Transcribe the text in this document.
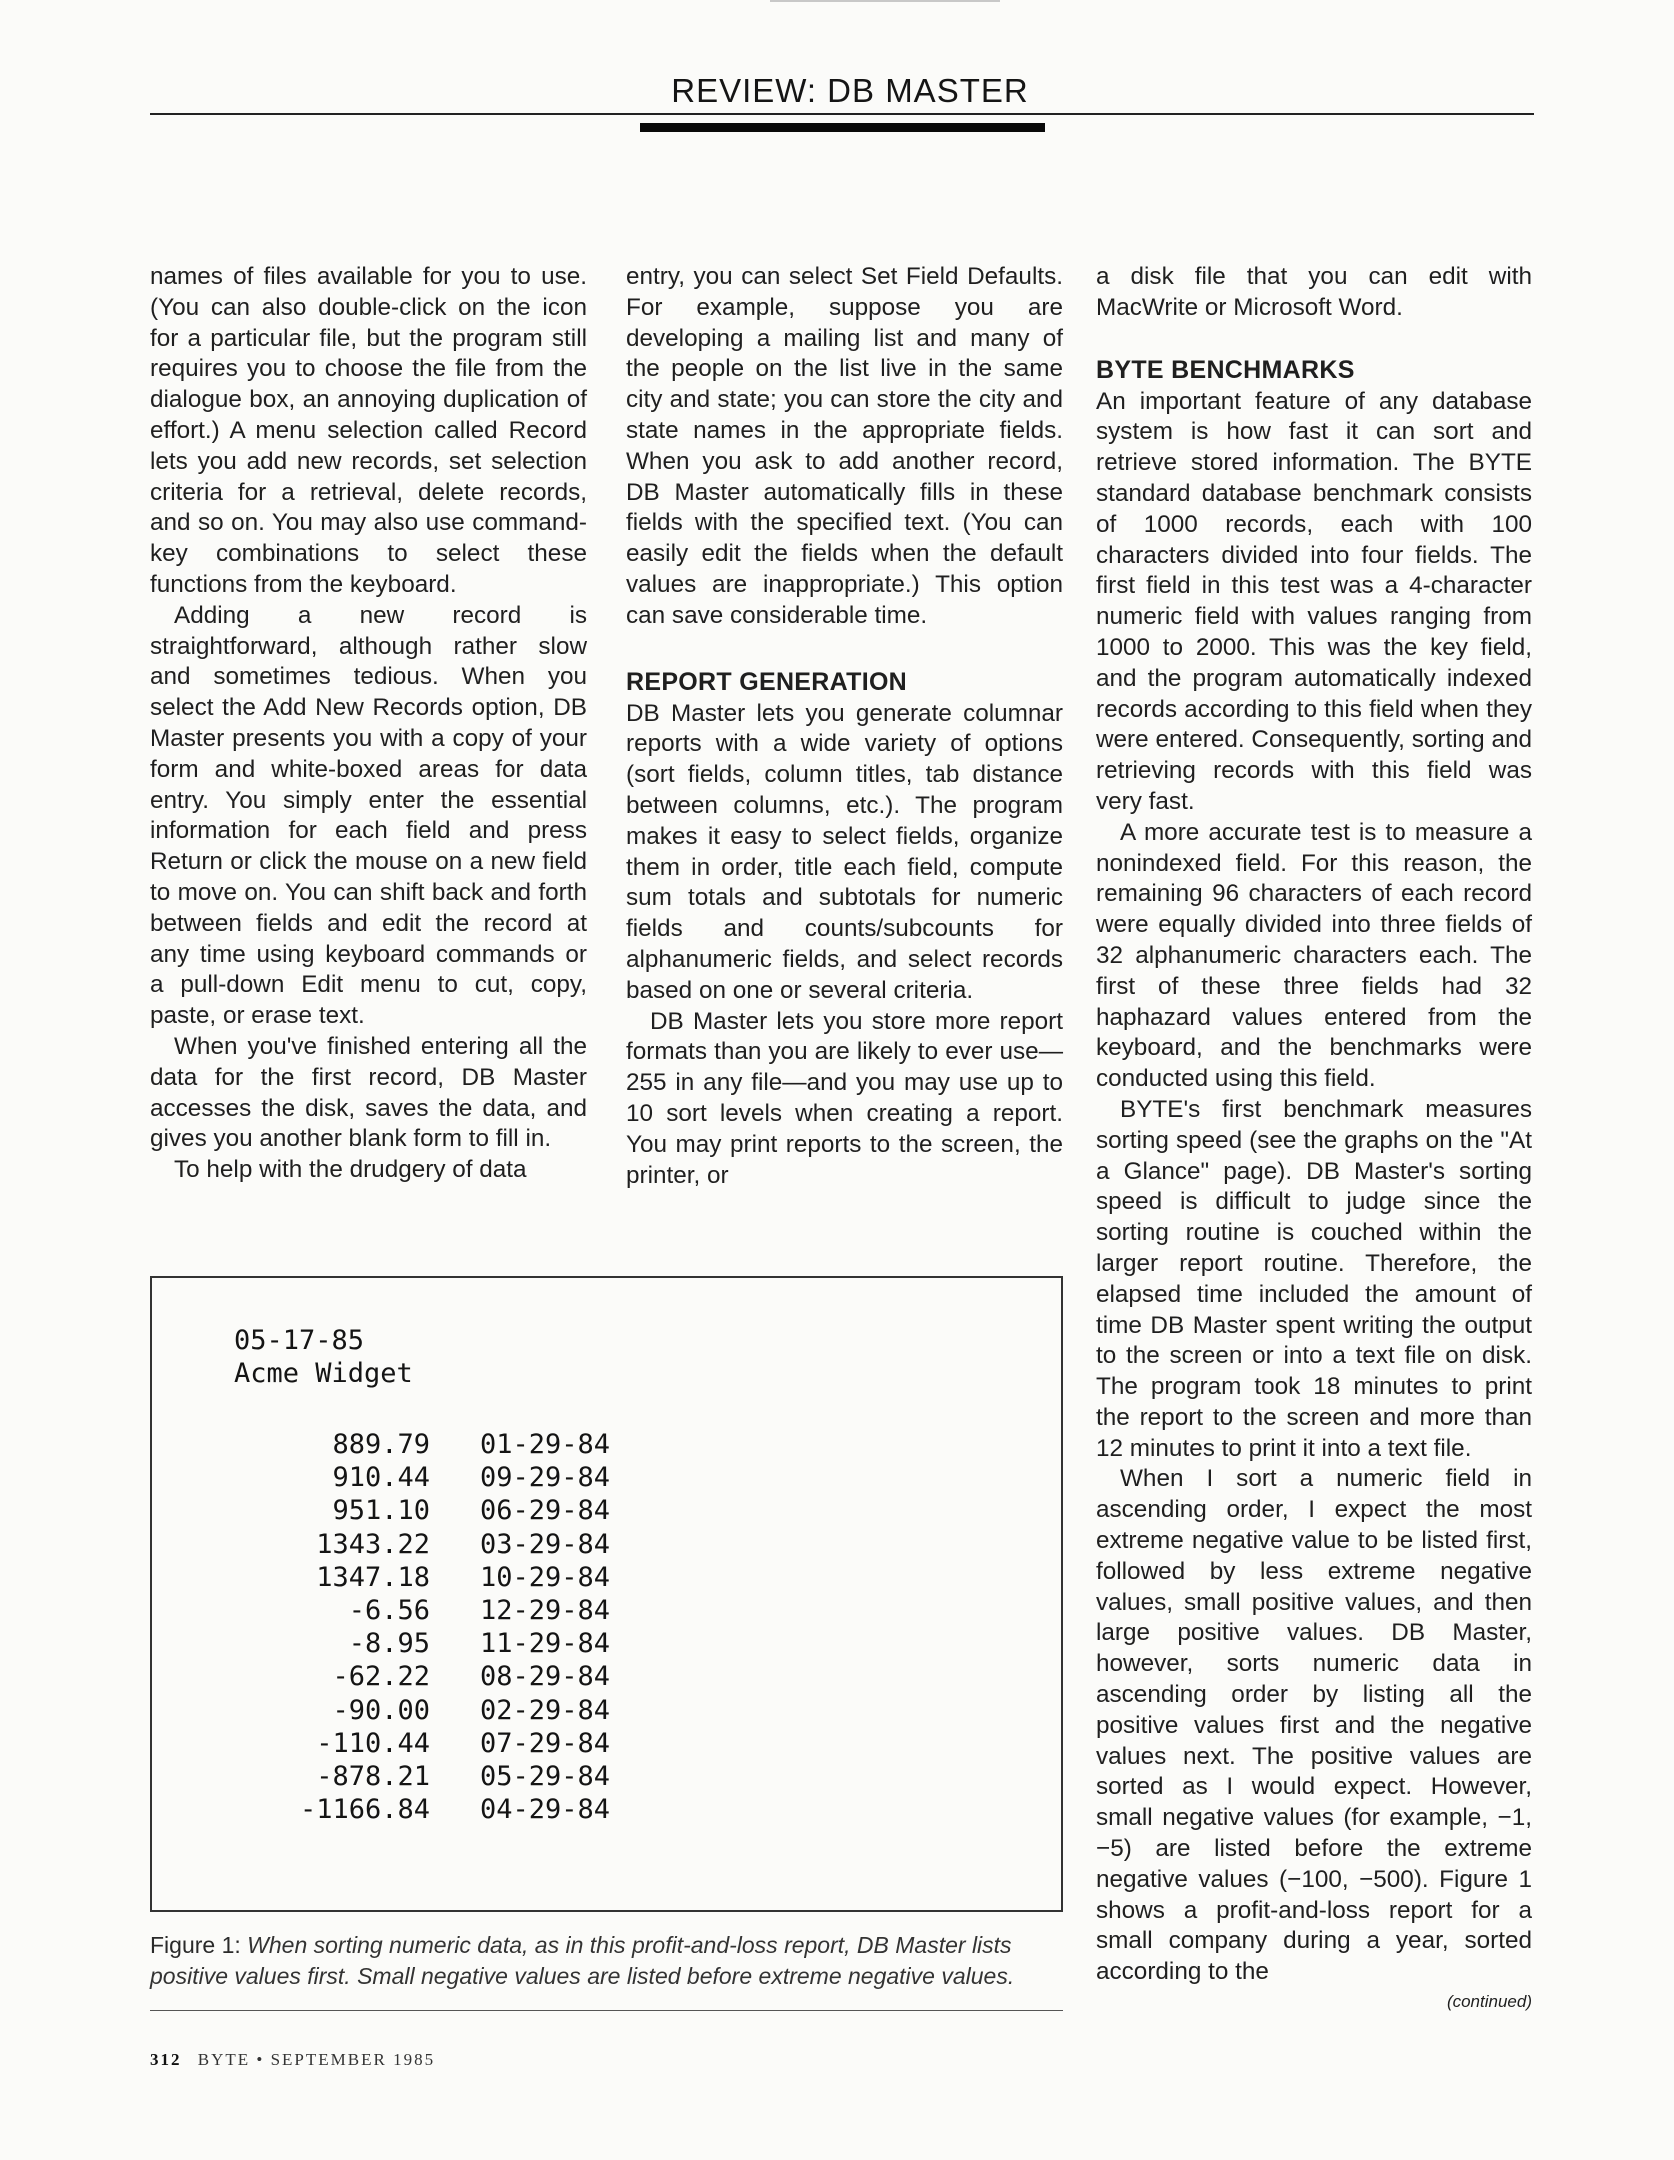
REVIEW: DB MASTER

names of files available for you to use. (You can also double-click on the icon for a particular file, but the program still requires you to choose the file from the dialogue box, an annoying duplication of effort.) A menu selection called Record lets you add new records, set selection criteria for a retrieval, delete records, and so on. You may also use command-key combinations to select these functions from the keyboard.

Adding a new record is straightforward, although rather slow and sometimes tedious. When you select the Add New Records option, DB Master presents you with a copy of your form and white-boxed areas for data entry. You simply enter the essential information for each field and press Return or click the mouse on a new field to move on. You can shift back and forth between fields and edit the record at any time using keyboard commands or a pull-down Edit menu to cut, copy, paste, or erase text.

When you've finished entering all the data for the first record, DB Master accesses the disk, saves the data, and gives you another blank form to fill in.

To help with the drudgery of data

entry, you can select Set Field Defaults. For example, suppose you are developing a mailing list and many of the people on the list live in the same city and state; you can store the city and state names in the appropriate fields. When you ask to add another record, DB Master automatically fills in these fields with the specified text. (You can easily edit the fields when the default values are inappropriate.) This option can save considerable time.

REPORT GENERATION

DB Master lets you generate columnar reports with a wide variety of options (sort fields, column titles, tab distance between columns, etc.). The program makes it easy to select fields, organize them in order, title each field, compute sum totals and subtotals for numeric fields and counts/subcounts for alphanumeric fields, and select records based on one or several criteria.

DB Master lets you store more report formats than you are likely to ever use—255 in any file—and you may use up to 10 sort levels when creating a report. You may print reports to the screen, the printer, or

a disk file that you can edit with MacWrite or Microsoft Word.

BYTE BENCHMARKS

An important feature of any database system is how fast it can sort and retrieve stored information. The BYTE standard database benchmark consists of 1000 records, each with 100 characters divided into four fields. The first field in this test was a 4-character numeric field with values ranging from 1000 to 2000. This was the key field, and the program automatically indexed records according to this field when they were entered. Consequently, sorting and retrieving records with this field was very fast.

A more accurate test is to measure a nonindexed field. For this reason, the remaining 96 characters of each record were equally divided into three fields of 32 alphanumeric characters each. The first of these three fields had 32 haphazard values entered from the keyboard, and the benchmarks were conducted using this field.

BYTE's first benchmark measures sorting speed (see the graphs on the "At a Glance" page). DB Master's sorting speed is difficult to judge since the sorting routine is couched within the larger report routine. Therefore, the elapsed time included the amount of time DB Master spent writing the output to the screen or into a text file on disk. The program took 18 minutes to print the report to the screen and more than 12 minutes to print it into a text file.

When I sort a numeric field in ascending order, I expect the most extreme negative value to be listed first, followed by less extreme negative values, small positive values, and then large positive values. DB Master, however, sorts numeric data in ascending order by listing all the positive values first and the negative values next. The positive values are sorted as I would expect. However, small negative values (for example, −1, −5) are listed before the extreme negative values (−100, −500). Figure 1 shows a profit-and-loss report for a small company during a year, sorted according to the

(continued)
05-17-85
Acme Widget
889.79 01-29-84
910.44 09-29-84
951.10 06-29-84
1343.22 03-29-84
1347.18 10-29-84
-6.56 12-29-84
-8.95 11-29-84
-62.22 08-29-84
-90.00 02-29-84
-110.44 07-29-84
-878.21 05-29-84
-1166.84 04-29-84
Figure 1: When sorting numeric data, as in this profit-and-loss report, DB Master lists positive values first. Small negative values are listed before extreme negative values.
312 BYTE • SEPTEMBER 1985
